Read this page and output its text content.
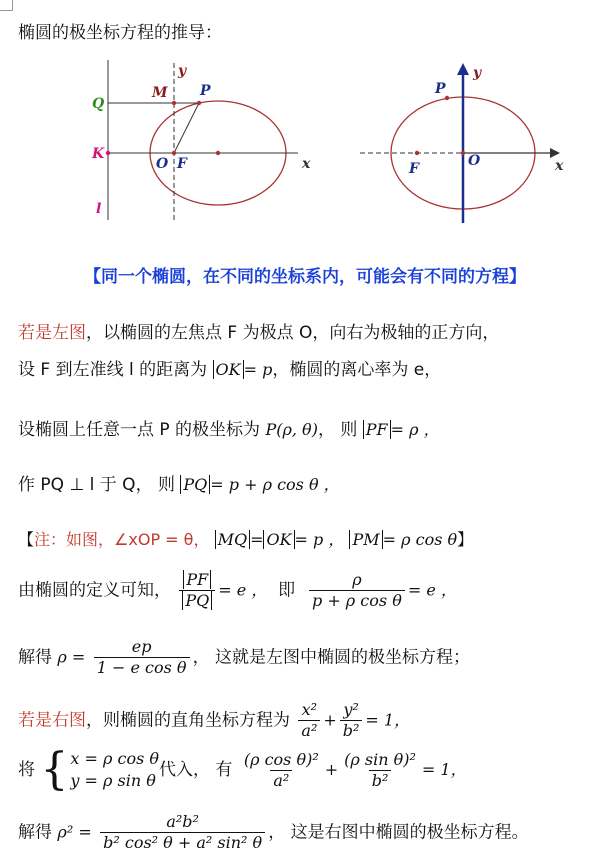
椭圆的极坐标方程的推导：
Q
M
y
P
K
O F	x
l
P
y
F	O	x
【同一个椭圆，在不同的坐标系内，可能会有不同的方程】
若是左图，以椭圆的左焦点 F 为极点 O，向右为极轴的正方向，
设 F 到左准线 l 的距离为 OK = p，椭圆的离心率为 e，
设椭圆上任意一点 P 的极坐标为 P(ρ, θ)， 则 PF = ρ ，
作 PQ ⊥ l 于 Q， 则 PQ = p + ρ cos θ ，
【注：如图，∠xOP = θ， MQ = OK = p ， PM = ρ cos θ】
由椭圆的定义可知， $\frac{PF}{PQ} = e$ ， 即 $\frac{\rho}{\text{p + ρ cos θ}} = e$ ，
解得 $\rho = \frac{ep}{\text{1 − e cos θ}}$ ， 这就是左图中椭圆的极坐标方程；
若是右图，则椭圆的直角坐标方程为 $\frac{\text{x²}}{\text{a²}} + \frac{\text{y²}}{\text{b²}} = 1$，
将 { x = ρ cos θ
y = ρ sin θ
代入， 有 $\frac{\text{(ρ cos θ)²}}{\text{a²}} + \frac{\text{(ρ sin θ)²}}{\text{b²}} = 1$，
解得 $\rho^2 = \frac{\text{a²b²}}{\text{b² cos² θ + a² sin² θ}}$ ， 这是右图中椭圆的极坐标方程。
